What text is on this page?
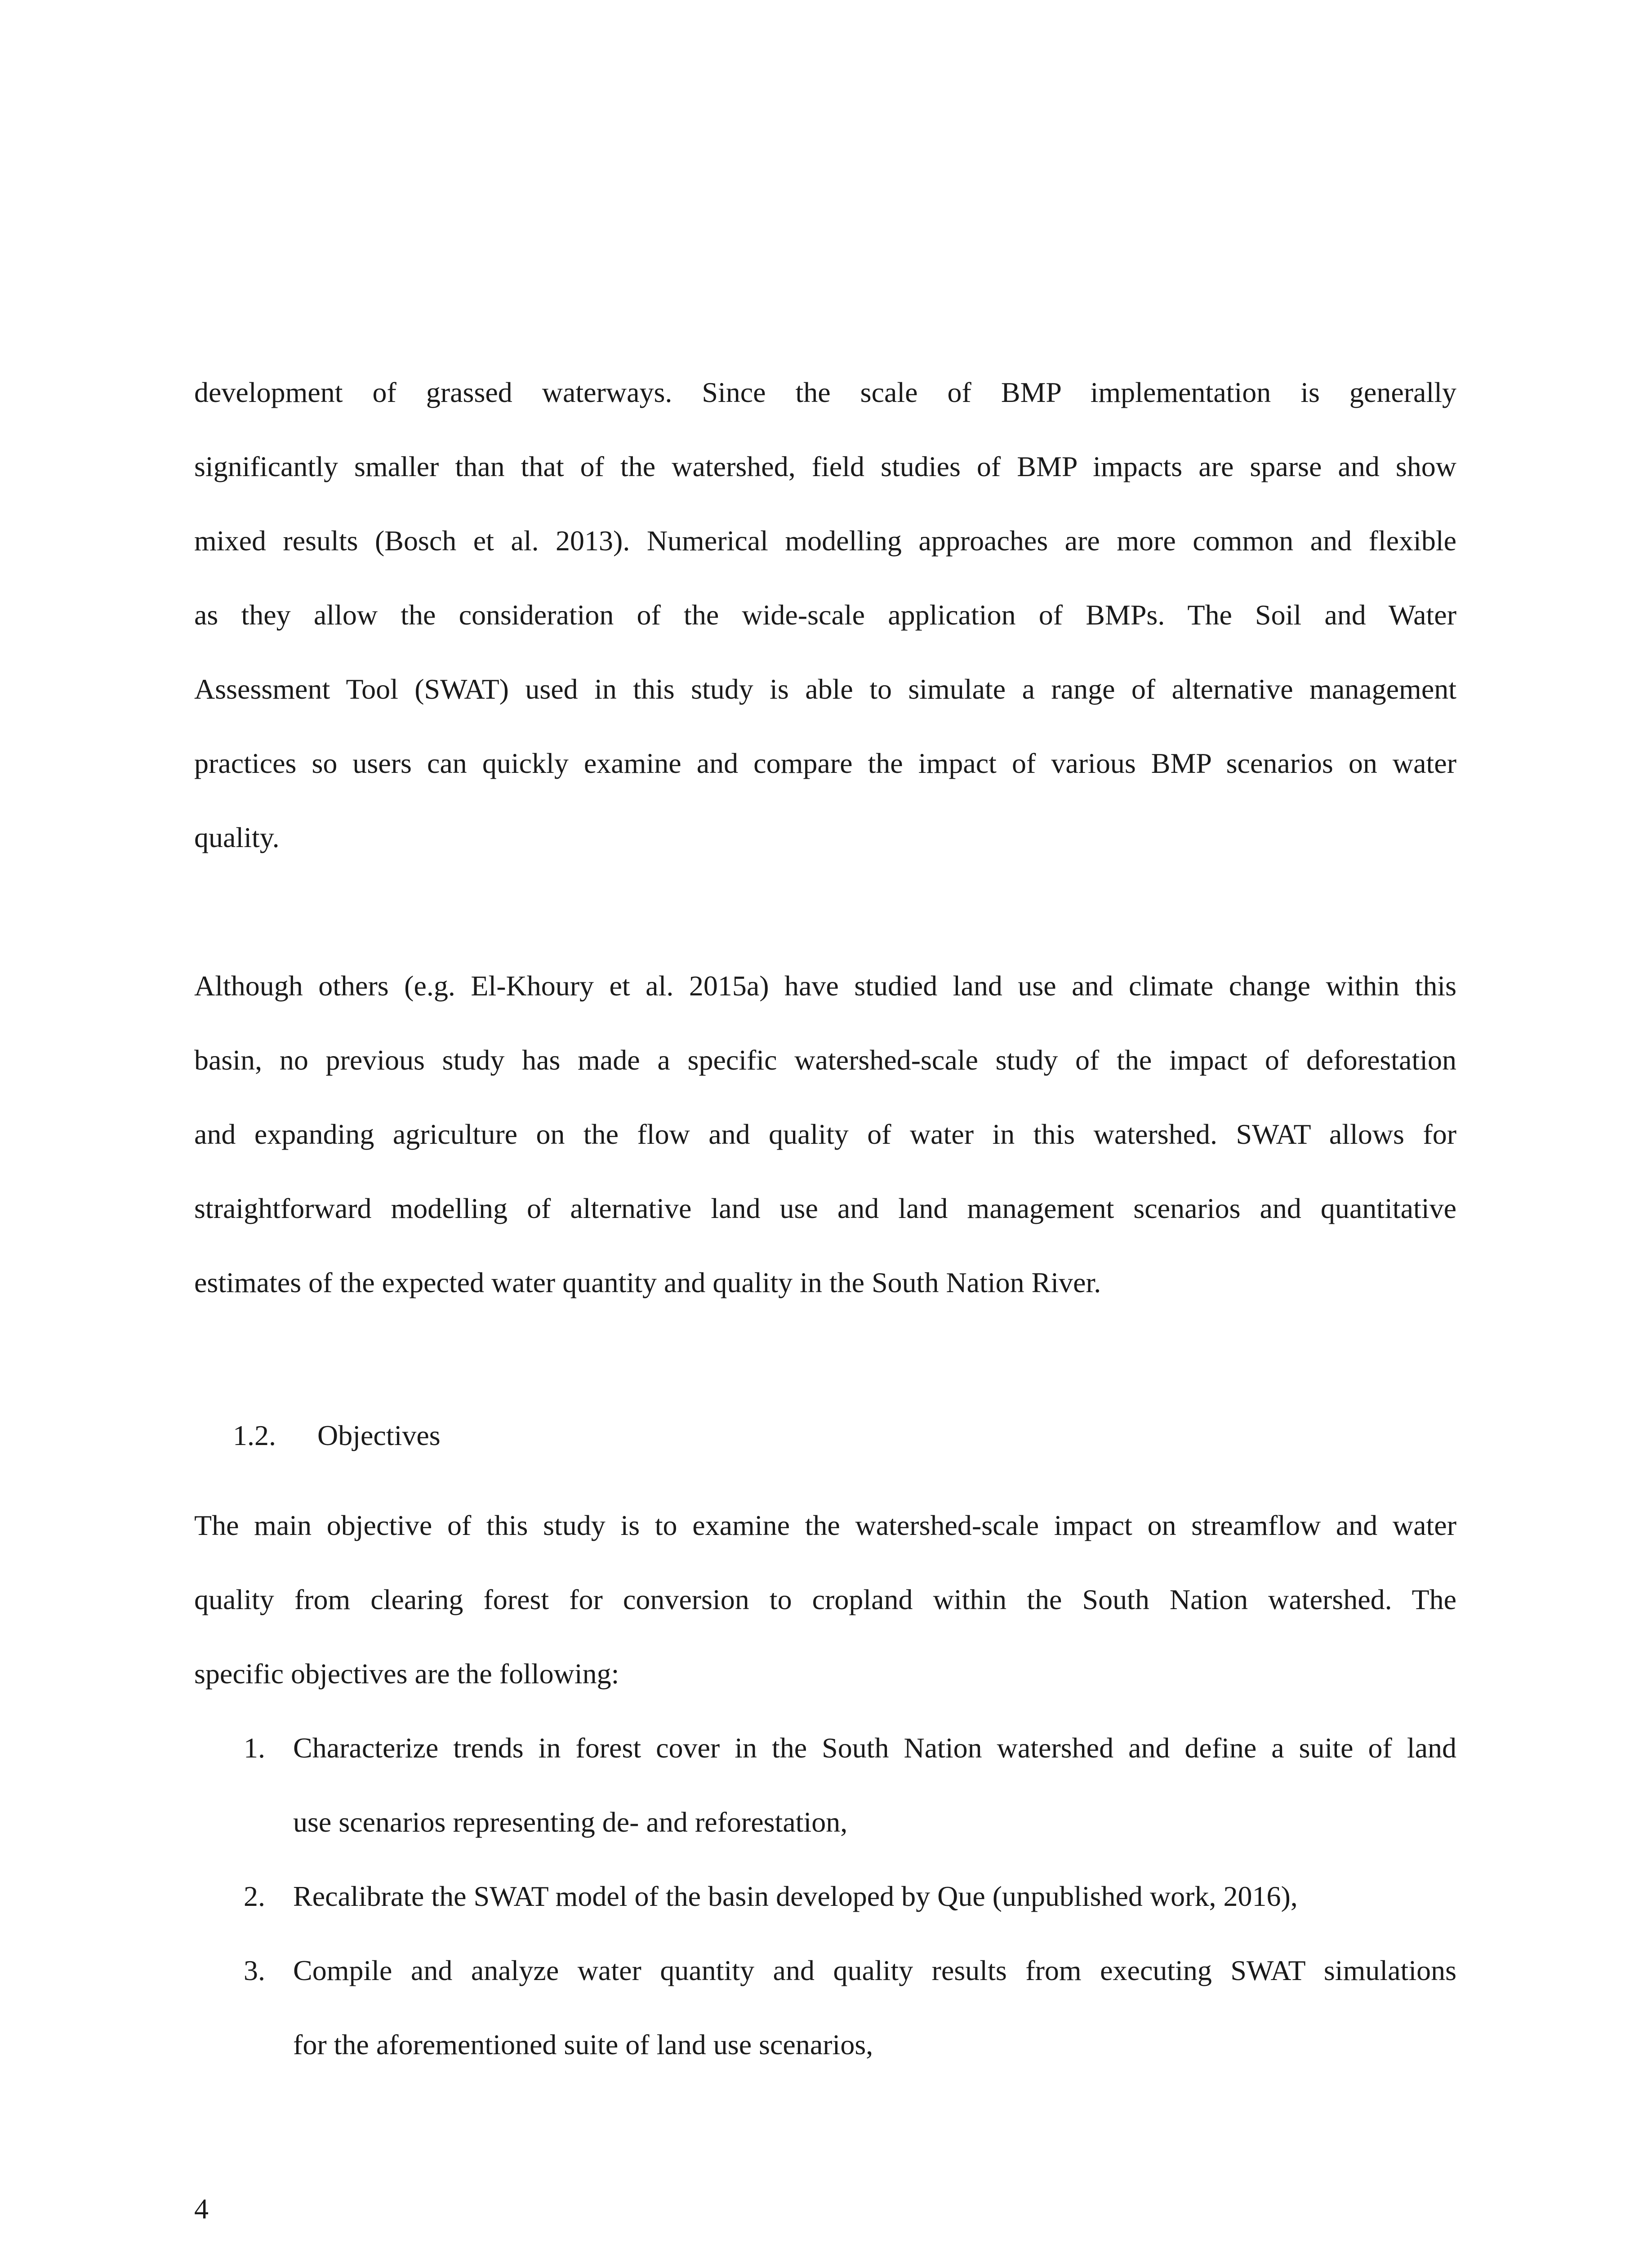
development of grassed waterways. Since the scale of BMP implementation is generally
significantly smaller than that of the watershed, field studies of BMP impacts are sparse and show
mixed results (Bosch et al. 2013). Numerical modelling approaches are more common and flexible
as they allow the consideration of the wide-scale application of BMPs. The Soil and Water
Assessment Tool (SWAT) used in this study is able to simulate a range of alternative management
practices so users can quickly examine and compare the impact of various BMP scenarios on water
quality.
Although others (e.g. El-Khoury et al. 2015a) have studied land use and climate change within this
basin, no previous study has made a specific watershed-scale study of the impact of deforestation
and expanding agriculture on the flow and quality of water in this watershed. SWAT allows for
straightforward modelling of alternative land use and land management scenarios and quantitative
estimates of the expected water quantity and quality in the South Nation River.
1.2. Objectives
The main objective of this study is to examine the watershed-scale impact on streamflow and water
quality from clearing forest for conversion to cropland within the South Nation watershed. The
specific objectives are the following:
1. Characterize trends in forest cover in the South Nation watershed and define a suite of land
use scenarios representing de- and reforestation,
2. Recalibrate the SWAT model of the basin developed by Que (unpublished work, 2016),
3. Compile and analyze water quantity and quality results from executing SWAT simulations
for the aforementioned suite of land use scenarios,
4
